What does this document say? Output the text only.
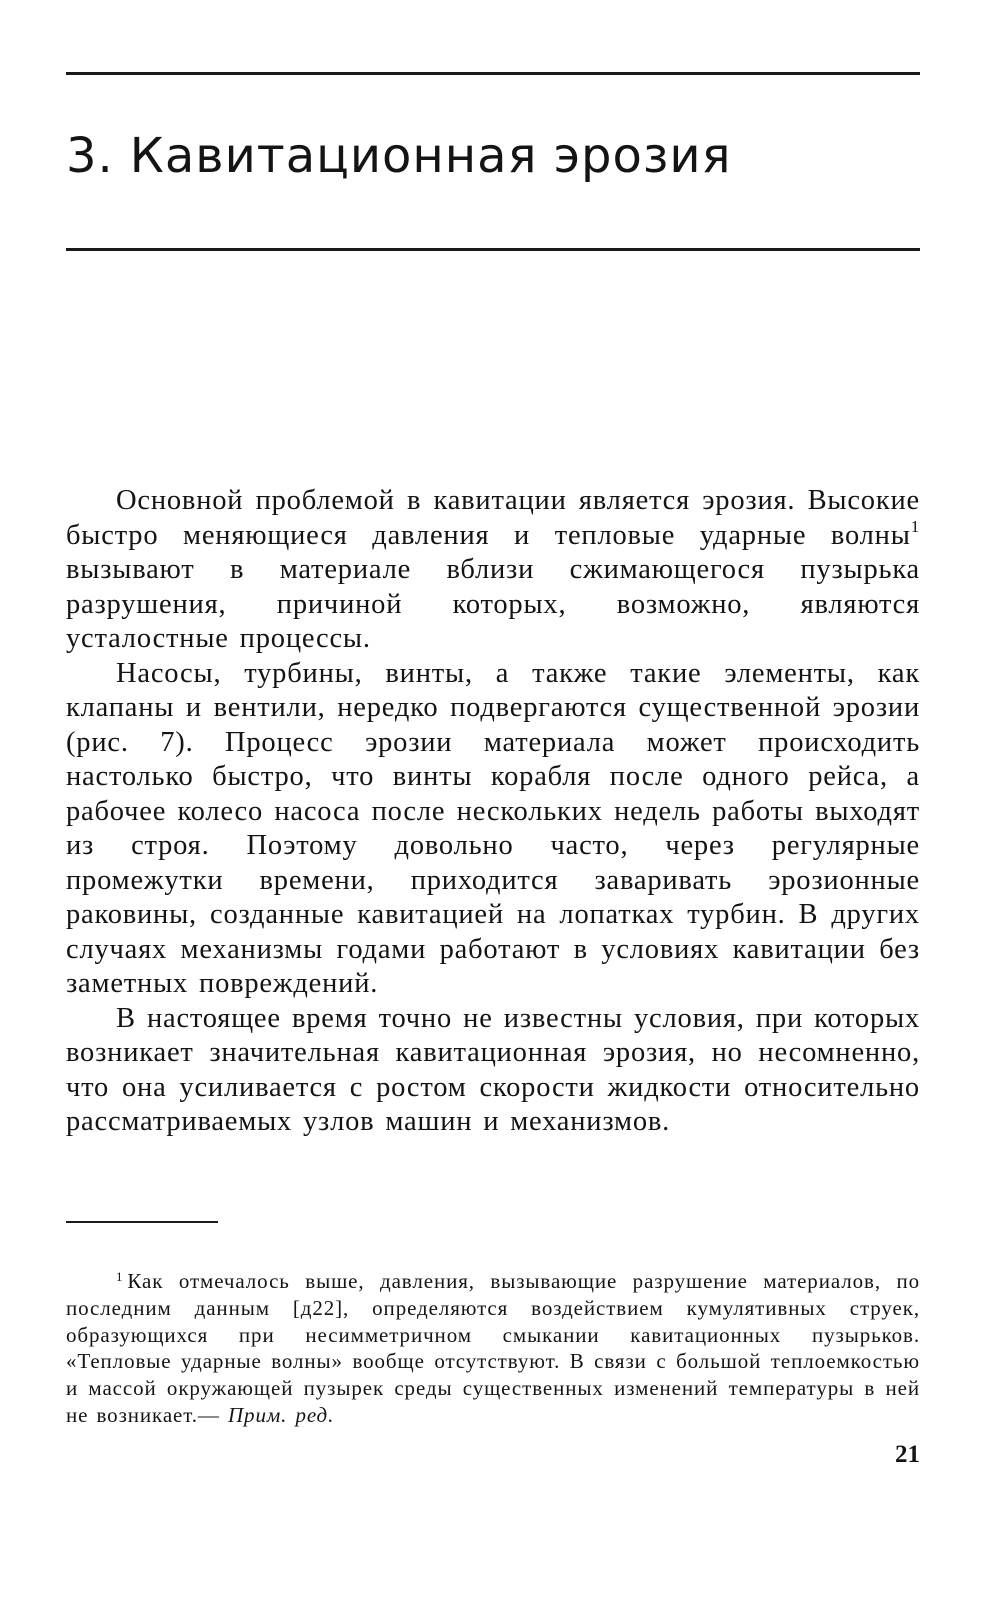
3. Кавитационная эрозия

Основной проблемой в кавитации является эрозия. Высокие быстро меняющиеся давления и тепловые ударные волны$^1$ вызывают в материале вблизи сжимающегося пузырька разрушения, причиной которых, возможно, являются усталостные процессы.

Насосы, турбины, винты, а также такие элементы, как клапаны и вентили, нередко подвергаются существенной эрозии (рис. 7). Процесс эрозии материала может происходить настолько быстро, что винты корабля после одного рейса, а рабочее колесо насоса после нескольких недель работы выходят из строя. Поэтому довольно часто, через регулярные промежутки времени, приходится заваривать эрозионные раковины, созданные кавитацией на лопатках турбин. В других случаях механизмы годами работают в условиях кавитации без заметных повреждений.

В настоящее время точно не известны условия, при которых возникает значительная кавитационная эрозия, но несомненно, что она усиливается с ростом скорости жидкости относительно рассматриваемых узлов машин и механизмов.

$^1$ Как отмечалось выше, давления, вызывающие разрушение материалов, по последним данным [д22], определяются воздействием кумулятивных струек, образующихся при несимметричном смыкании кавитационных пузырьков. «Тепловые ударные волны» вообще отсутствуют. В связи с большой теплоемкостью и массой окружающей пузырек среды существенных изменений температуры в ней не возникает.— Прим. ред.

21
